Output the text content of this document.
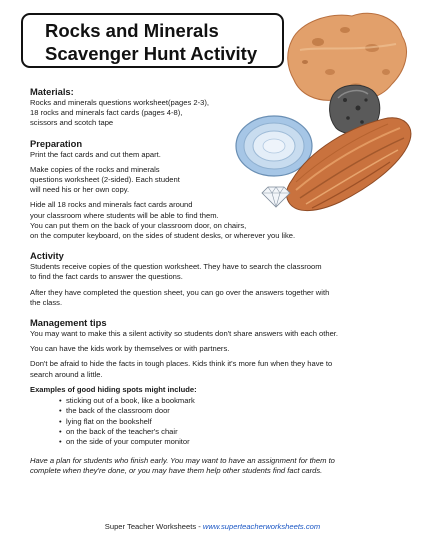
Rocks and Minerals
Scavenger Hunt Activity

Materials:

Rocks and minerals questions worksheet(pages 2-3),
18 rocks and minerals fact cards (pages 4-8),
scissors and scotch tape

Preparation

Print the fact cards and cut them apart.

Make copies of the rocks and minerals
questions worksheet (2-sided). Each student
will need his or her own copy.

Hide all 18 rocks and minerals fact cards around
your classroom where students will be able to find them.
You can put them on the back of your classroom door, on chairs,
on the computer keyboard, on the sides of student desks, or wherever you like.

Activity

Students receive copies of the question worksheet. They have to search the classroom
to find the fact cards to answer the questions.

After they have completed the question sheet, you can go over the answers together with
the class.

Management tips

You may want to make this a silent activity so students don't share answers with each other.

You can have the kids work by themselves or with partners.

Don't be afraid to hide the facts in tough places. Kids think it's more fun when they have to
search around a little.

Examples of good hiding spots might include:

• sticking out of a book, like a bookmark
• the back of the classroom door
• lying flat on the bookshelf
• on the back of the teacher's chair
• on the side of your computer monitor

Have a plan for students who finish early. You may want to have an assignment for them to
complete when they're done, or you may have them help other students find fact cards.

Super Teacher Worksheets - www.superteacherworksheets.com
